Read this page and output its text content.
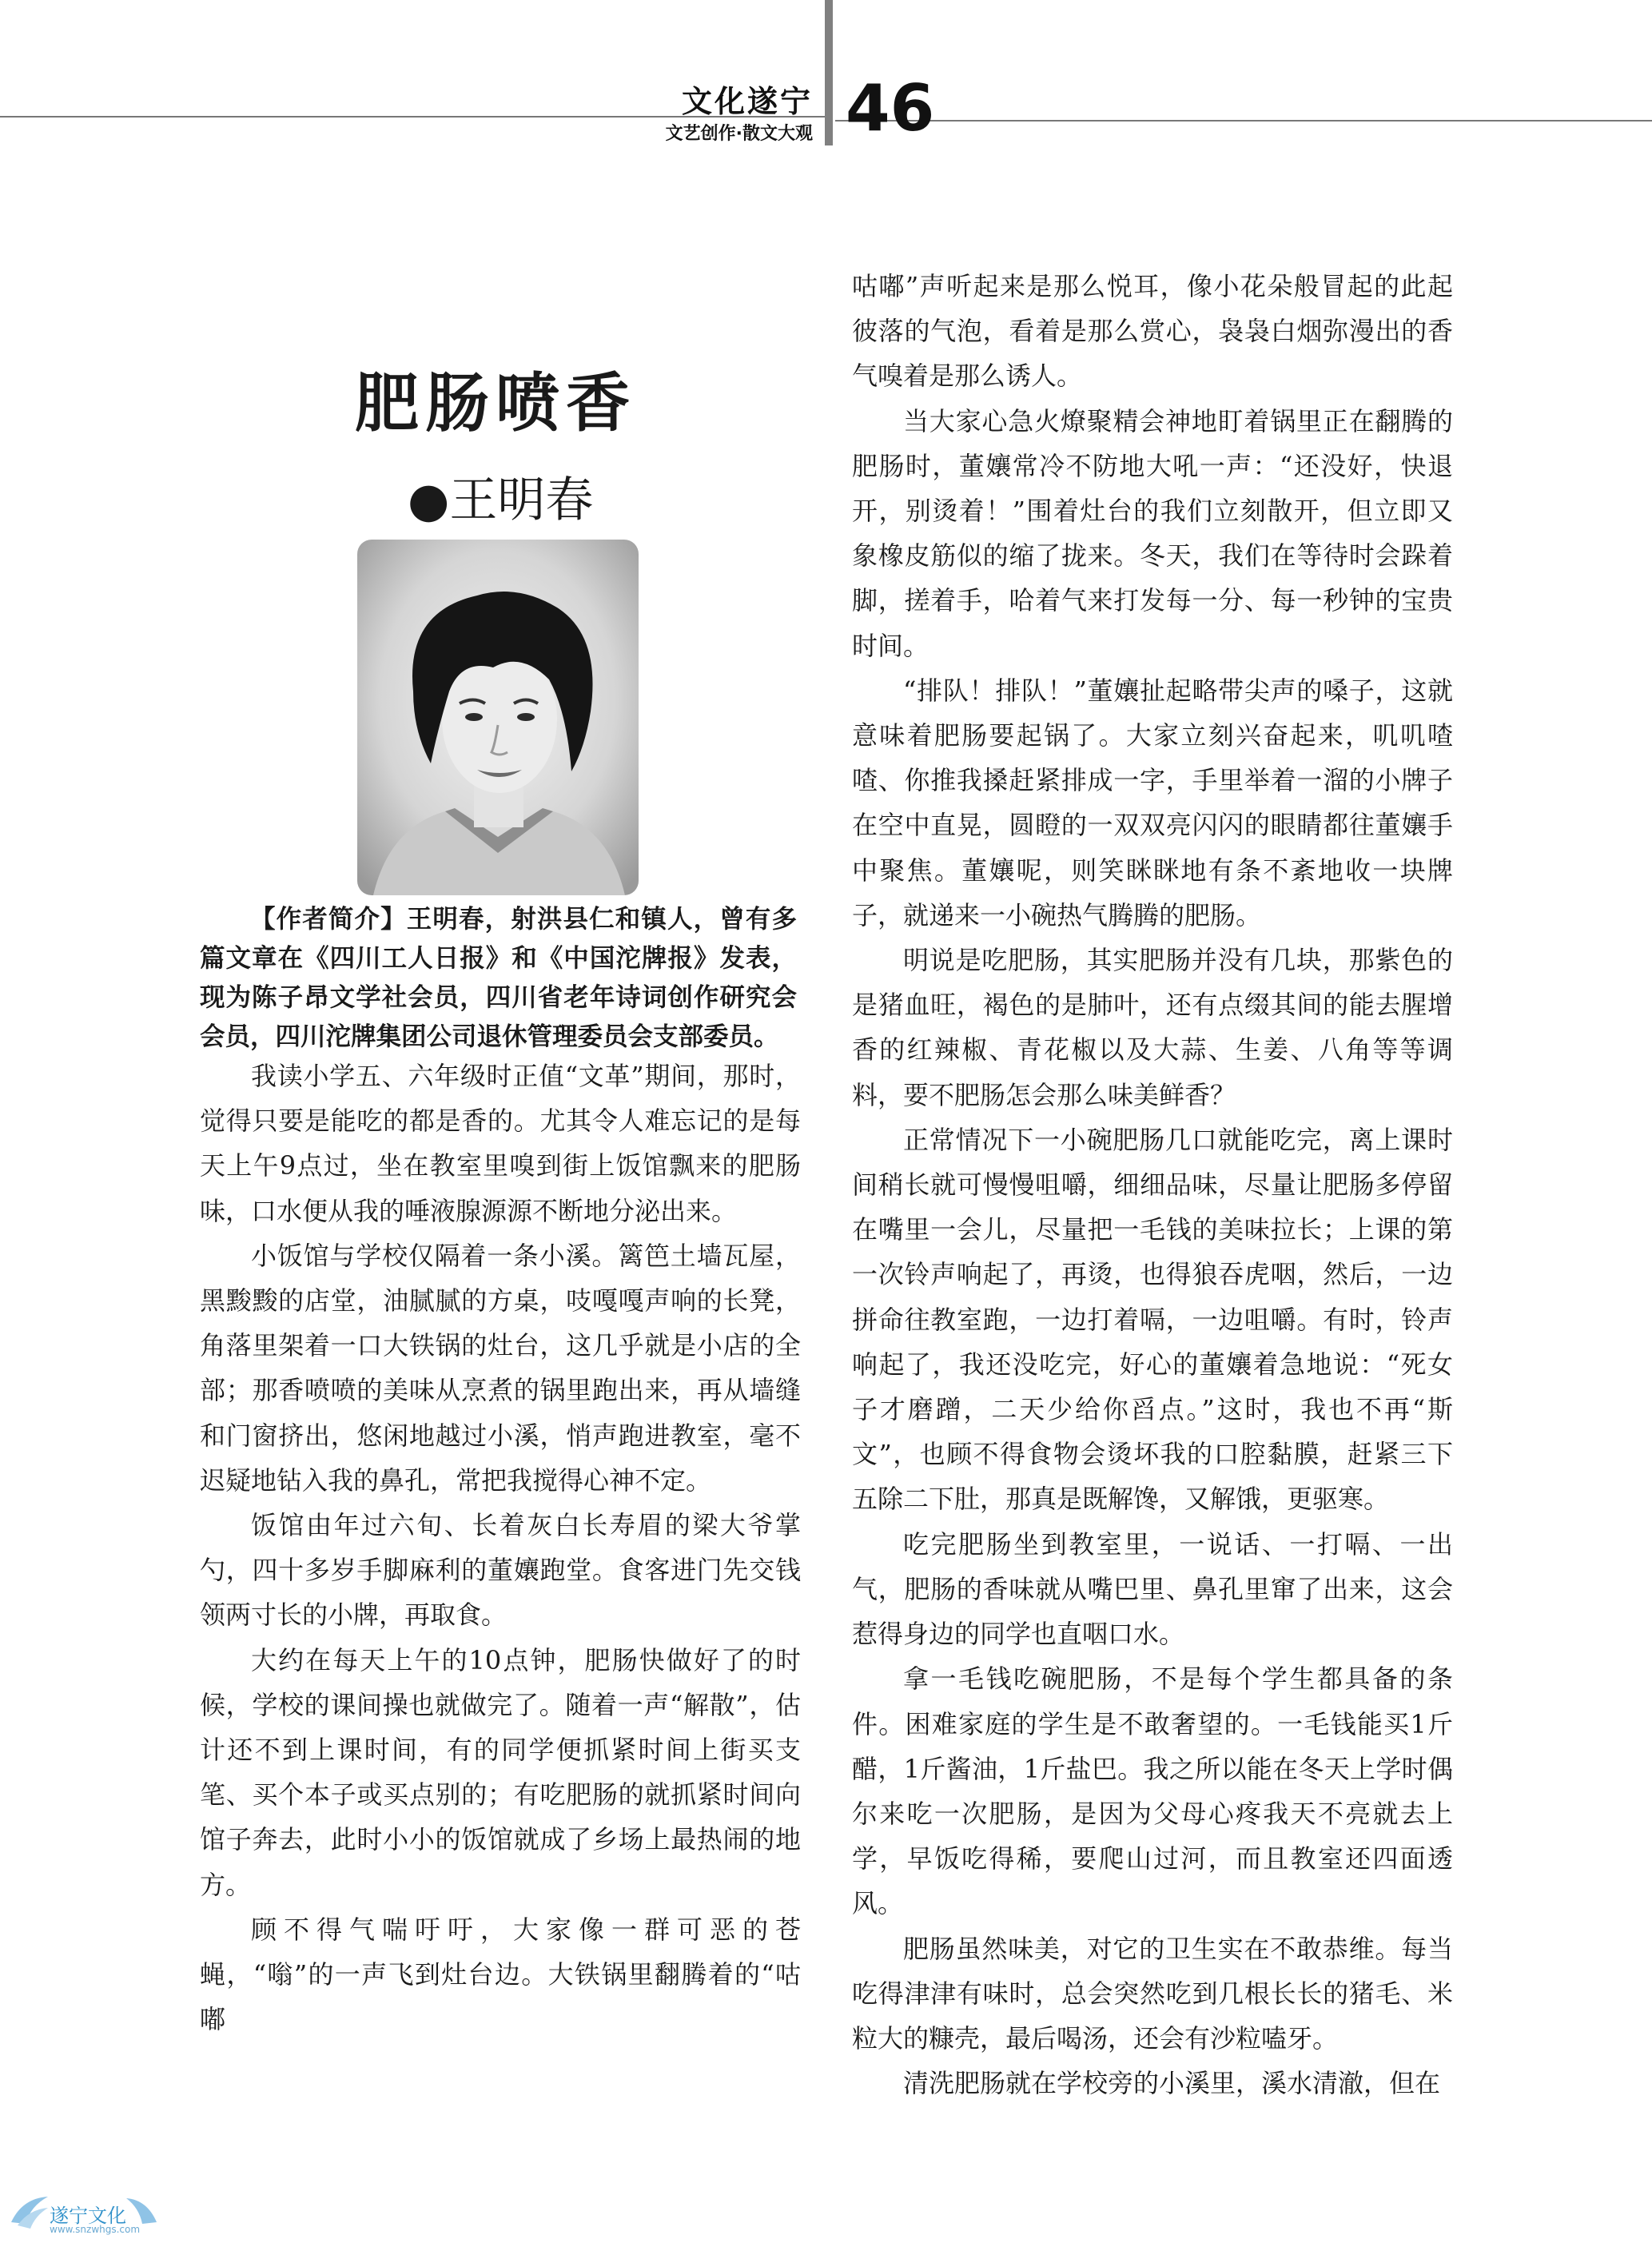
文化遂宁
文艺创作·散文大观 46
肥肠喷香
●王明春
【作者简介】王明春，射洪县仁和镇人，曾有多篇文章在《四川工人日报》和《中国沱牌报》发表，现为陈子昂文学社会员，四川省老年诗词创作研究会会员，四川沱牌集团公司退休管理委员会支部委员。

我读小学五、六年级时正值“文革”期间，那时，觉得只要是能吃的都是香的。尤其令人难忘记的是每天上午9点过，坐在教室里嗅到街上饭馆飘来的肥肠味，口水便从我的唾液腺源源不断地分泌出来。

小饭馆与学校仅隔着一条小溪。篱笆土墙瓦屋，黑黢黢的店堂，油腻腻的方桌，吱嘎嘎声响的长凳，角落里架着一口大铁锅的灶台，这几乎就是小店的全部；那香喷喷的美味从烹煮的锅里跑出来，再从墙缝和门窗挤出，悠闲地越过小溪，悄声跑进教室，毫不迟疑地钻入我的鼻孔，常把我搅得心神不定。

饭馆由年过六旬、长着灰白长寿眉的梁大爷掌勺，四十多岁手脚麻利的董孃跑堂。食客进门先交钱领两寸长的小牌，再取食。

大约在每天上午的10点钟，肥肠快做好了的时候，学校的课间操也就做完了。随着一声“解散”，估计还不到上课时间，有的同学便抓紧时间上街买支笔、买个本子或买点别的；有吃肥肠的就抓紧时间向馆子奔去，此时小小的饭馆就成了乡场上最热闹的地方。

顾不得气喘吁吁，大家像一群可恶的苍蝇，“嗡”的一声飞到灶台边。大铁锅里翻腾着的“咕嘟

咕嘟”声听起来是那么悦耳，像小花朵般冒起的此起彼落的气泡，看着是那么赏心，袅袅白烟弥漫出的香气嗅着是那么诱人。

当大家心急火燎聚精会神地盯着锅里正在翻腾的肥肠时，董孃常冷不防地大吼一声：“还没好，快退开，别烫着！”围着灶台的我们立刻散开，但立即又象橡皮筋似的缩了拢来。冬天，我们在等待时会跺着脚，搓着手，哈着气来打发每一分、每一秒钟的宝贵时间。

“排队！排队！”董孃扯起略带尖声的嗓子，这就意味着肥肠要起锅了。大家立刻兴奋起来，叽叽喳喳、你推我搡赶紧排成一字，手里举着一溜的小牌子在空中直晃，圆瞪的一双双亮闪闪的眼睛都往董孃手中聚焦。董孃呢，则笑眯眯地有条不紊地收一块牌子，就递来一小碗热气腾腾的肥肠。

明说是吃肥肠，其实肥肠并没有几块，那紫色的是猪血旺，褐色的是肺叶，还有点缀其间的能去腥增香的红辣椒、青花椒以及大蒜、生姜、八角等等调料，要不肥肠怎会那么味美鲜香？

正常情况下一小碗肥肠几口就能吃完，离上课时间稍长就可慢慢咀嚼，细细品味，尽量让肥肠多停留在嘴里一会儿，尽量把一毛钱的美味拉长；上课的第一次铃声响起了，再烫，也得狼吞虎咽，然后，一边拼命往教室跑，一边打着嗝，一边咀嚼。有时，铃声响起了，我还没吃完，好心的董孃着急地说：“死女子才磨蹭，二天少给你舀点。”这时，我也不再“斯文”，也顾不得食物会烫坏我的口腔黏膜，赶紧三下五除二下肚，那真是既解馋，又解饿，更驱寒。

吃完肥肠坐到教室里，一说话、一打嗝、一出气，肥肠的香味就从嘴巴里、鼻孔里窜了出来，这会惹得身边的同学也直咽口水。

拿一毛钱吃碗肥肠，不是每个学生都具备的条件。困难家庭的学生是不敢奢望的。一毛钱能买1斤醋，1斤酱油，1斤盐巴。我之所以能在冬天上学时偶尔来吃一次肥肠，是因为父母心疼我天不亮就去上学，早饭吃得稀，要爬山过河，而且教室还四面透风。

肥肠虽然味美，对它的卫生实在不敢恭维。每当吃得津津有味时，总会突然吃到几根长长的猪毛、米粒大的糠壳，最后喝汤，还会有沙粒嗑牙。

清洗肥肠就在学校旁的小溪里，溪水清澈，但在

遂宁文化
www.snzwhgs.com
